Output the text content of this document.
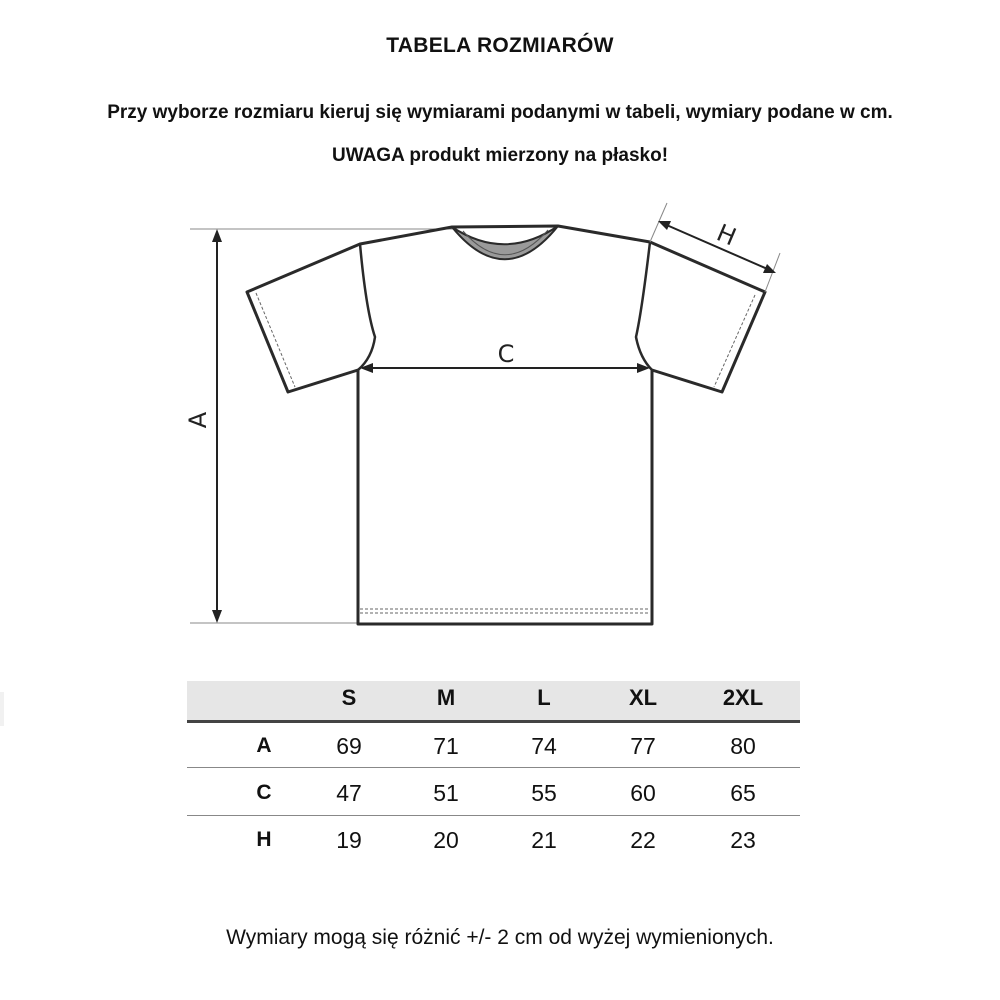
TABELA ROZMIARÓW
Przy wyborze rozmiaru kieruj się wymiarami podanymi w tabeli, wymiary podane w cm.
UWAGA produkt mierzony na płasko!
A
C
H
S	M	L	XL	2XL
A	69	71	74	77	80
C	47	51	55	60	65
H	19	20	21	22	23
Wymiary mogą się różnić +/- 2 cm od wyżej wymienionych.
